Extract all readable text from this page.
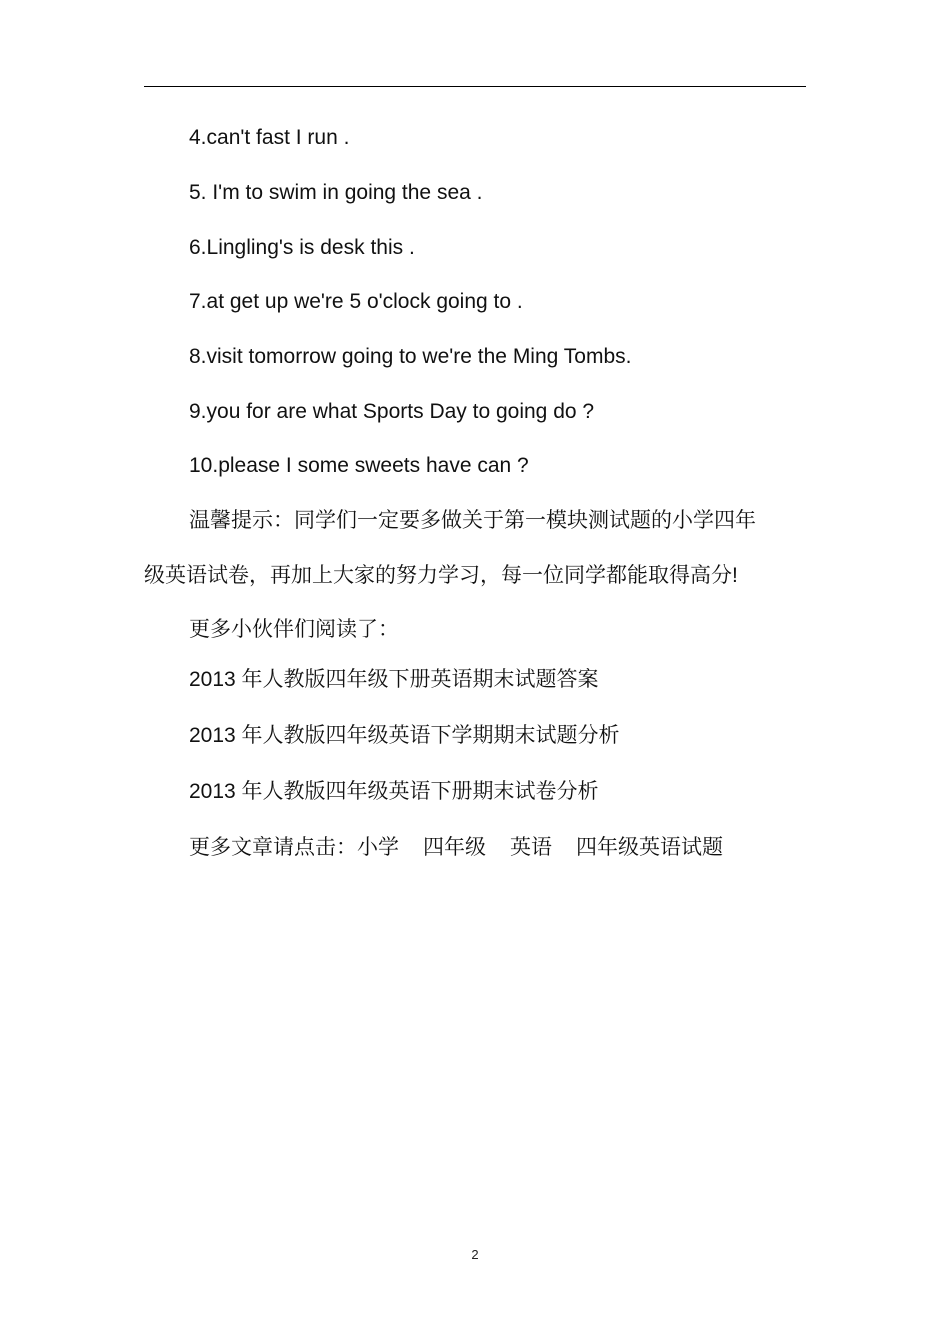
4.can't fast I run .
5. I'm to swim in going the sea .
6.Lingling's is desk this .
7.at get up we're 5 o'clock going to .
8.visit tomorrow going to we're the Ming Tombs.
9.you for are what Sports Day to going do ?
10.please I some sweets have can ?
温馨提示：同学们一定要多做关于第一模块测试题的小学四年
级英语试卷，再加上大家的努力学习，每一位同学都能取得高分!
更多小伙伴们阅读了：
2013 年人教版四年级下册英语期末试题答案
2013 年人教版四年级英语下学期期末试题分析
2013 年人教版四年级英语下册期末试卷分析
更多文章请点击：小学 四年级 英语 四年级英语试题
2
